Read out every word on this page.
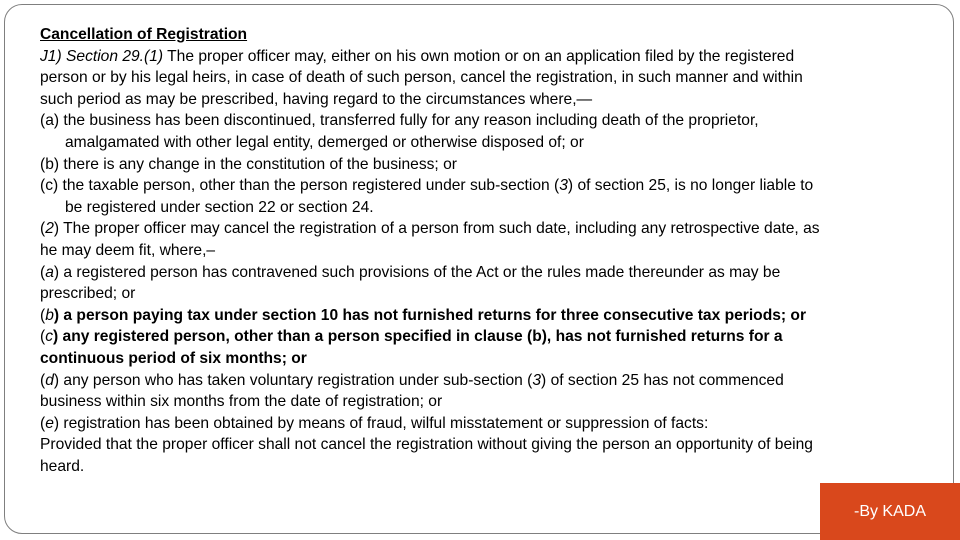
Cancellation of Registration
J1) Section 29.(1) The proper officer may, either on his own motion or on an application filed by the registered
person or by his legal heirs, in case of death of such person, cancel the registration, in such manner and within
such period as may be prescribed, having regard to the circumstances where,—
(a) the business has been discontinued, transferred fully for any reason including death of the proprietor,
amalgamated with other legal entity, demerged or otherwise disposed of; or
(b) there is any change in the constitution of the business; or
(c) the taxable person, other than the person registered under sub-section (3) of section 25, is no longer liable to
be registered under section 22 or section 24.
(2) The proper officer may cancel the registration of a person from such date, including any retrospective date, as
he may deem fit, where,–
(a) a registered person has contravened such provisions of the Act or the rules made thereunder as may be
prescribed; or
(b) a person paying tax under section 10 has not furnished returns for three consecutive tax periods; or
(c) any registered person, other than a person specified in clause (b), has not furnished returns for a
continuous period of six months; or
(d) any person who has taken voluntary registration under sub-section (3) of section 25 has not commenced
business within six months from the date of registration; or
(e) registration has been obtained by means of fraud, wilful misstatement or suppression of facts:
Provided that the proper officer shall not cancel the registration without giving the person an opportunity of being
heard.
-By KADA
